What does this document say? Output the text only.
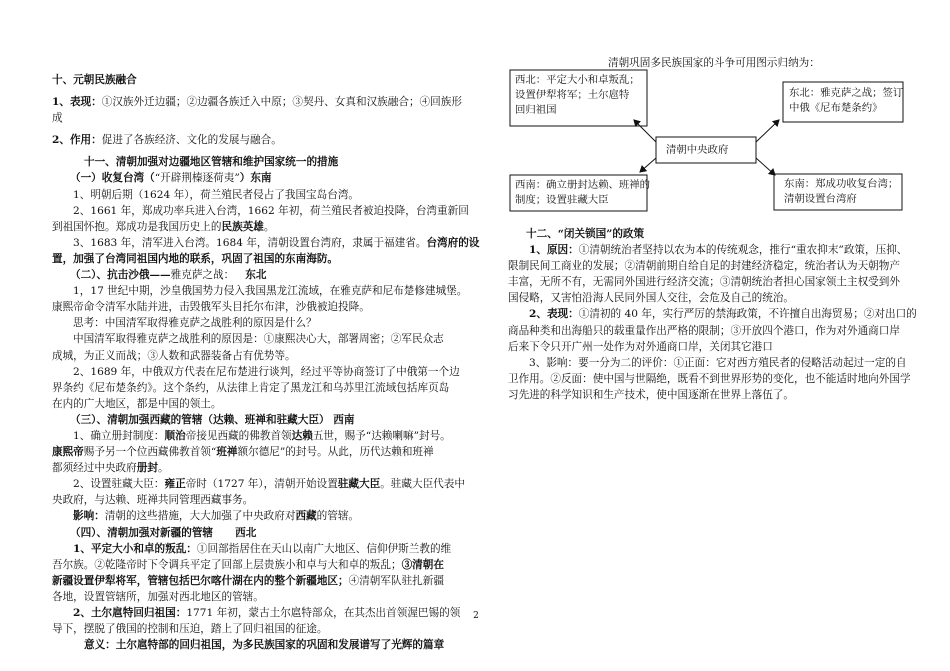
十、元朝民族融合
1、表现：①汉族外迁边疆；②边疆各族迁入中原；③契丹、女真和汉族融合；④回族形
成
2、作用：促进了各族经济、文化的发展与融合。
十一、清朝加强对边疆地区管辖和维护国家统一的措施
（一）收复台湾（“开辟荆榛逐荷夷”）东南
1、明朝后期（1624 年），荷兰殖民者侵占了我国宝岛台湾。
2、1661 年，郑成功率兵进入台湾，1662 年初，荷兰殖民者被迫投降，台湾重新回
到祖国怀抱。郑成功是我国历史上的民族英雄。
3、1683 年，清军进入台湾。1684 年，清朝设置台湾府，隶属于福建省。台湾府的设
置，加强了台湾同祖国内地的联系，巩固了祖国的东南海防。
（二）、抗击沙俄——雅克萨之战： 东北
1，17 世纪中期，沙皇俄国势力侵入我国黑龙江流域，在雅克萨和尼布楚修建城堡。
康熙帝命令清军水陆并进，击毁俄军头目托尔布津，沙俄被迫投降。
思考：中国清军取得雅克萨之战胜利的原因是什么？
中国清军取得雅克萨之战胜利的原因是：①康熙决心大，部署周密；②军民众志
成城，为正义而战；③人数和武器装备占有优势等。
2、1689 年，中俄双方代表在尼布楚进行谈判，经过平等协商签订了中俄第一个边
界条约《尼布楚条约》。这个条约，从法律上肯定了黑龙江和乌苏里江流域包括库页岛
在内的广大地区，都是中国的领土。
（三）、清朝加强西藏的管辖（达赖、班禅和驻藏大臣） 西南
1、确立册封制度：顺治帝接见西藏的佛教首领达赖五世，赐予“达赖喇嘛”封号。
康熙帝赐予另一个位西藏佛教首领“班禅额尔德尼”的封号。从此，历代达赖和班禅
都须经过中央政府册封。
2、设置驻藏大臣：雍正帝时（1727 年），清朝开始设置驻藏大臣。驻藏大臣代表中
央政府，与达赖、班禅共同管理西藏事务。
影响：清朝的这些措施，大大加强了中央政府对西藏的管辖。
（四）、清朝加强对新疆的管辖 西北
1、平定大小和卓的叛乱：①回部指居住在天山以南广大地区、信仰伊斯兰教的维
吾尔族。②乾隆帝时下令调兵平定了回部上层贵族小和卓与大和卓的叛乱；③清朝在
新疆设置伊犁将军，管辖包括巴尔喀什湖在内的整个新疆地区；④清朝军队驻扎新疆
各地，设置管辖所，加强对西北地区的管辖。
2、土尔扈特回归祖国：1771 年初，蒙古土尔扈特部众，在其杰出首领渥巴锡的领
导下，摆脱了俄国的控制和压迫，踏上了回归祖国的征途。
意义：土尔扈特部的回归祖国，为多民族国家的巩固和发展谱写了光辉的篇章
清朝巩固多民族国家的斗争可用图示归纳为：
清朝中央政府
西北：平定大小和卓叛乱；
设置伊犁将军；土尔扈特
回归祖国
东北：雅克萨之战；签订
中俄《尼布楚条约》
西南：确立册封达赖、班禅的
制度；设置驻藏大臣
东南：郑成功收复台湾；
清朝设置台湾府
十二、“闭关锁国”的政策
1、原因：①清朝统治者坚持以农为本的传统观念，推行“重农抑末”政策，压抑、
限制民间工商业的发展；②清朝前期自给自足的封建经济稳定，统治者认为天朝物产
丰富，无所不有，无需同外国进行经济交流；③清朝统治者担心国家领土主权受到外
国侵略，又害怕沿海人民同外国人交往，会危及自己的统治。
2、表现：①清初的 40 年，实行严厉的禁海政策，不许擅自出海贸易；②对出口的
商品种类和出海船只的载重量作出严格的限制；③开放四个港口，作为对外通商口岸
后来下令只开广州一处作为对外通商口岸，关闭其它港口
3、影响：要一分为二的评价：①正面：它对西方殖民者的侵略活动起过一定的自
卫作用。②反面：使中国与世隔绝，既看不到世界形势的变化，也不能适时地向外国学
习先进的科学知识和生产技术，使中国逐渐在世界上落伍了。
2
